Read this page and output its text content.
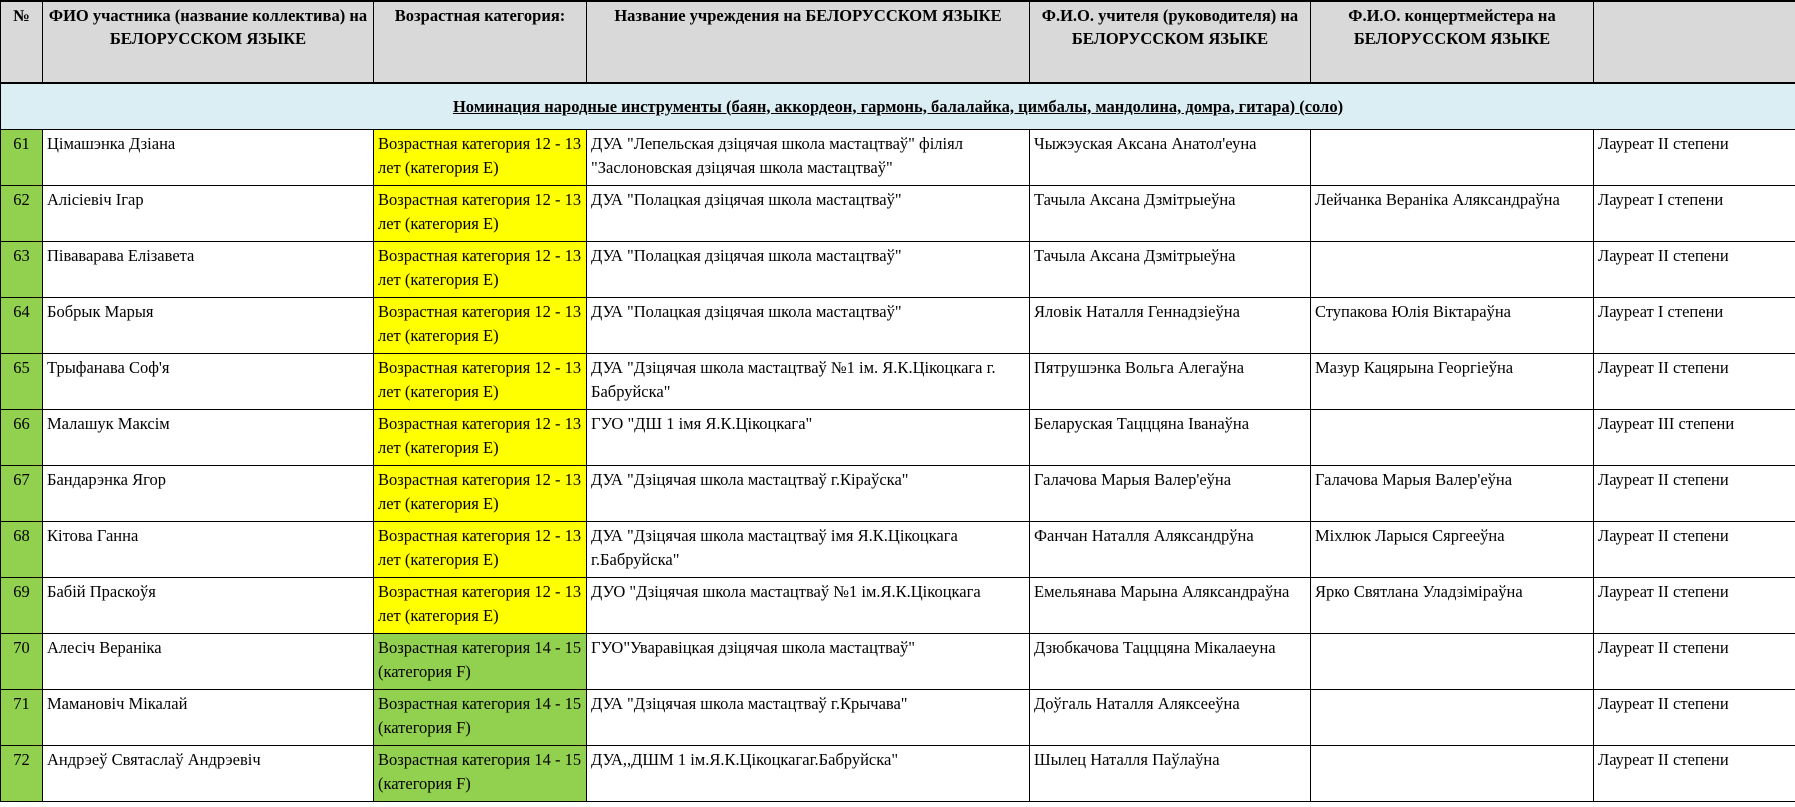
№	ФИО участника (название коллектива) на БЕЛОРУССКОМ ЯЗЫКЕ	Возрастная категория:	Название учреждения на БЕЛОРУССКОМ ЯЗЫКЕ	Ф.И.О. учителя (руководителя) на БЕЛОРУССКОМ ЯЗЫКЕ	Ф.И.О. концертмейстера на БЕЛОРУССКОМ ЯЗЫКЕ	
Номинация народные инструменты (баян, аккордеон, гармонь, балалайка, цимбалы, мандолина, домра, гитара) (соло)						
61	Цімашэнка Дзіана	Возрастная категория 12 - 13 лет (категория Е)	ДУА "Лепельская дзіцячая школа мастацтваў" філіял "Заслоновская дзіцячая школа мастацтваў"	Чыжэуская Аксана Анатол'еуна		Лауреат II степени
62	Алісіевіч Ігар	Возрастная категория 12 - 13 лет (категория Е)	ДУА "Полацкая дзіцячая школа мастацтваў"	Тачыла Аксана Дзмітрыеўна	Лейчанка Веранiка Аляксандраўна	Лауреат I степени
63	Піваварава Елізавета	Возрастная категория 12 - 13 лет (категория Е)	ДУА "Полацкая дзіцячая школа мастацтваў"	Тачыла Аксана Дзмітрыеўна		Лауреат II степени
64	Бобрык Марыя	Возрастная категория 12 - 13 лет (категория Е)	ДУА "Полацкая дзіцячая школа мастацтваў"	Яловік Наталля Геннадзіеўна	Ступакова Юлія Віктараўна	Лауреат I степени
65	Трыфанава Соф'я	Возрастная категория 12 - 13 лет (категория Е)	ДУА "Дзіцячая школа мастацтваў №1 ім. Я.К.Цікоцкага г. Бабруйска"	Пятрушэнка Вольга Алегаўна	Мазур Кацярына Георгіеўна	Лауреат II степени
66	Малашук Максім	Возрастная категория 12 - 13 лет (категория Е)	ГУО "ДШ 1 імя Я.К.Цікоцкага"	Беларуская Тацццяна Іванаўна		Лауреат III степени
67	Бандарэнка Ягор	Возрастная категория 12 - 13 лет (категория Е)	ДУА "Дзіцячая школа мастацтваў г.Кіраўска"	Галачова Марыя Валер'еўна	Галачова Марыя Валер'еўна	Лауреат II степени
68	Кітова Ганна	Возрастная категория 12 - 13 лет (категория Е)	ДУА "Дзіцячая школа мастацтваў імя Я.К.Цікоцкага г.Бабруйска"	Фанчан Наталля Аляксандрўна	Міхлюк Ларыся Сяргееўна	Лауреат II степени
69	Бабій Праскоўя	Возрастная категория 12 - 13 лет (категория Е)	ДУО "Дзіцячая школа мастацтваў №1 ім.Я.К.Цікоцкага	Емельянава Марына Аляксандраўна	Ярко Святлана Уладзіміраўна	Лауреат II степени
70	Алесіч Веранiка	Возрастная категория 14 - 15 (категория F)	ГУО"Уваравіцкая дзіцячая школа мастацтваў"	Дзюбкачова Тацццяна Мікалаеуна		Лауреат II степени
71	Мамановіч Мікалай	Возрастная категория 14 - 15 (категория F)	ДУА "Дзіцячая школа мастацтваў г.Крычава"	Доўгаль Наталля Аляксееўна		Лауреат II степени
72	Андрэеў Святаслаў Андрэевіч	Возрастная категория 14 - 15 (категория F)	ДУА,,ДШМ 1 ім.Я.К.Цікоцкагаг.Бабруйска"	Шылец Наталля Паўлаўна		Лауреат II степени
